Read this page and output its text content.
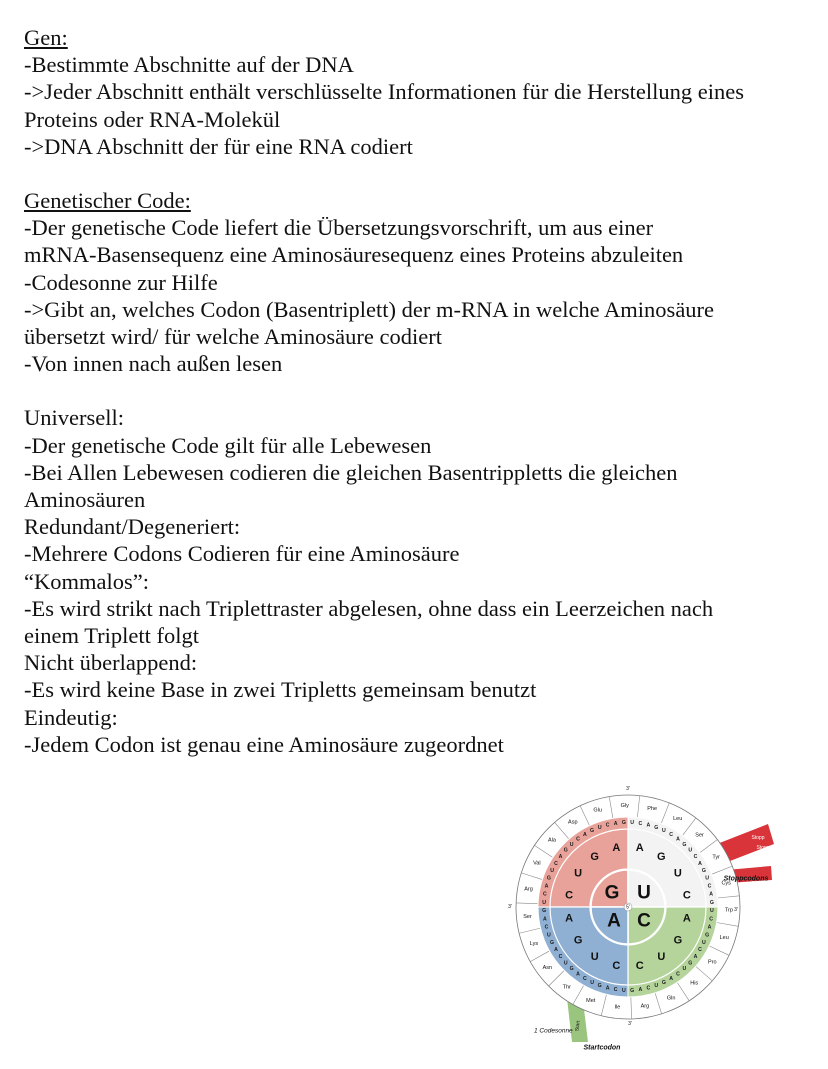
Gen:
-Bestimmte Abschnitte auf der DNA
->Jeder Abschnitt enthält verschlüsselte Informationen für die Herstellung eines
Proteins oder RNA-Molekül
->DNA Abschnitt der für eine RNA codiert
Genetischer Code:
-Der genetische Code liefert die Übersetzungsvorschrift, um aus einer
mRNA-Basensequenz eine Aminosäuresequenz eines Proteins abzuleiten
-Codesonne zur Hilfe
->Gibt an, welches Codon (Basentriplett) der m-RNA in welche Aminosäure
übersetzt wird/ für welche Aminosäure codiert
-Von innen nach außen lesen
Universell:
-Der genetische Code gilt für alle Lebewesen
-Bei Allen Lebewesen codieren die gleichen Basentrippletts die gleichen
Aminosäuren
Redundant/Degeneriert:
-Mehrere Codons Codieren für eine Aminosäure
“Kommalos”:
-Es wird strikt nach Triplettraster abgelesen, ohne dass ein Leerzeichen nach
einem Triplett folgt
Nicht überlappend:
-Es wird keine Base in zwei Tripletts gemeinsam benutzt
Eindeutig:
-Jedem Codon ist genau eine Aminosäure zugeordnet
Phe
Leu
Ser
Tyr
Cys
Trp
Leu
Pro
His
Gln
Arg
Ile
Met
Thr
Asn
Lys
Ser
Arg
Val
Ala
Asp
Glu
Gly
U C A G
U
C
A
G
U
C
A
G
U
C
A
G
U
C
A
G
U
C
A
G
U
C
A
G
U
C
A
G
U
C
A
G
U
C
A
G
U
C
A
G
U
C
A
G
U
C
A
G
U
C
A
G
U
C
A
G
U C A G
A
G
U
C
A
G
U
C
C
U
G
A
C
U
G
A
G U
A C
5'
3'
3'
3'
3'
Stopp
Stopp
Stopp
Stoppcodons
Start
Startcodon
1 Codesonne
